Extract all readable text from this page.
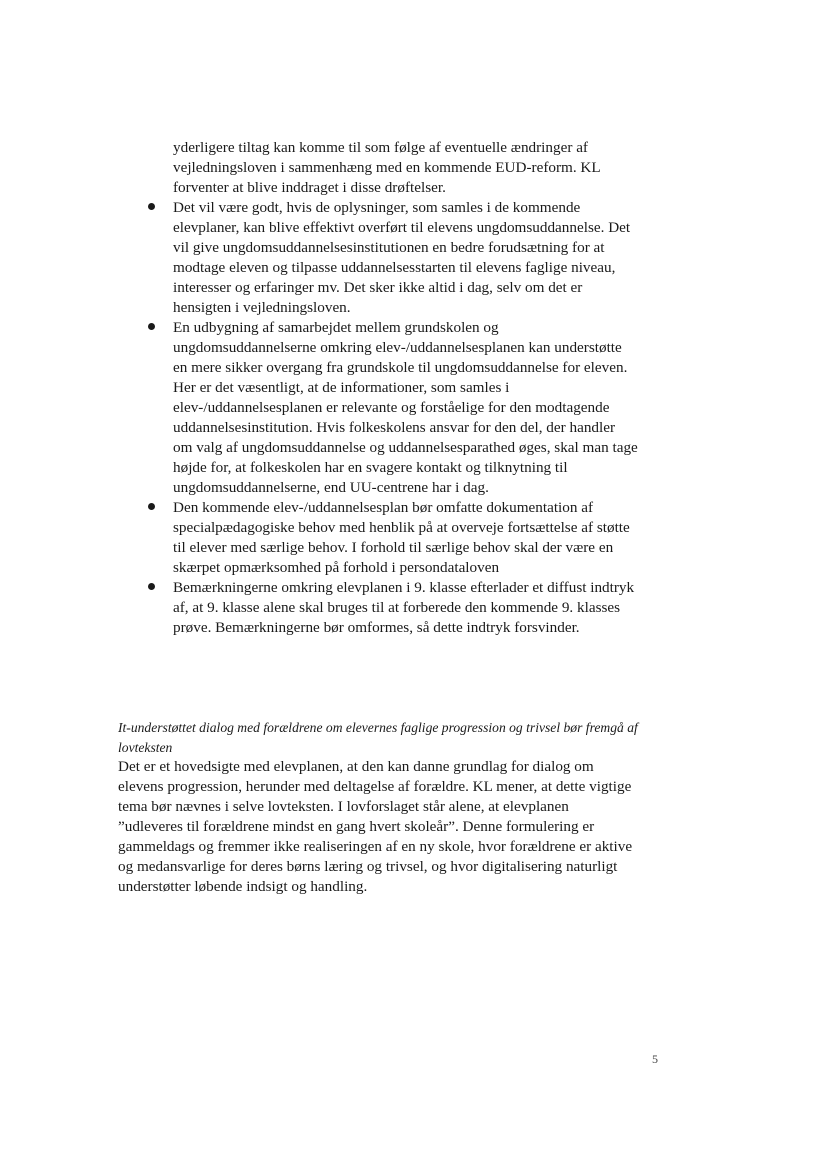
yderligere tiltag kan komme til som følge af eventuelle ændringer af vejledningsloven i sammenhæng med en kommende EUD-reform. KL forventer at blive inddraget i disse drøftelser.

Det vil være godt, hvis de oplysninger, som samles i de kommende elevplaner, kan blive effektivt overført til elevens ungdomsuddannelse. Det vil give ungdomsuddannelsesinstitutionen en bedre forudsætning for at modtage eleven og tilpasse uddannelsesstarten til elevens faglige niveau, interesser og erfaringer mv. Det sker ikke altid i dag, selv om det er hensigten i vejledningsloven.
En udbygning af samarbejdet mellem grundskolen og ungdomsuddannelserne omkring elev-/uddannelsesplanen kan understøtte en mere sikker overgang fra grundskole til ungdomsuddannelse for eleven. Her er det væsentligt, at de informationer, som samles i elev-/uddannelsesplanen er relevante og forståelige for den modtagende uddannelsesinstitution. Hvis folkeskolens ansvar for den del, der handler om valg af ungdomsuddannelse og uddannelsesparathed øges, skal man tage højde for, at folkeskolen har en svagere kontakt og tilknytning til ungdomsuddannelserne, end UU-centrene har i dag.
Den kommende elev-/uddannelsesplan bør omfatte dokumentation af specialpædagogiske behov med henblik på at overveje fortsættelse af støtte til elever med særlige behov. I forhold til særlige behov skal der være en skærpet opmærksomhed på forhold i persondataloven
Bemærkningerne omkring elevplanen i 9. klasse efterlader et diffust indtryk af, at 9. klasse alene skal bruges til at forberede den kommende 9. klasses prøve. Bemærkningerne bør omformes, så dette indtryk forsvinder.

It-understøttet dialog med forældrene om elevernes faglige progression og trivsel bør fremgå af lovteksten

Det er et hovedsigte med elevplanen, at den kan danne grundlag for dialog om elevens progression, herunder med deltagelse af forældre. KL mener, at dette vigtige tema bør nævnes i selve lovteksten. I lovforslaget står alene, at elevplanen ”udleveres til forældrene mindst en gang hvert skoleår”. Denne formulering er gammeldags og fremmer ikke realiseringen af en ny skole, hvor forældrene er aktive og medansvarlige for deres børns læring og trivsel, og hvor digitalisering naturligt understøtter løbende indsigt og handling.

5
